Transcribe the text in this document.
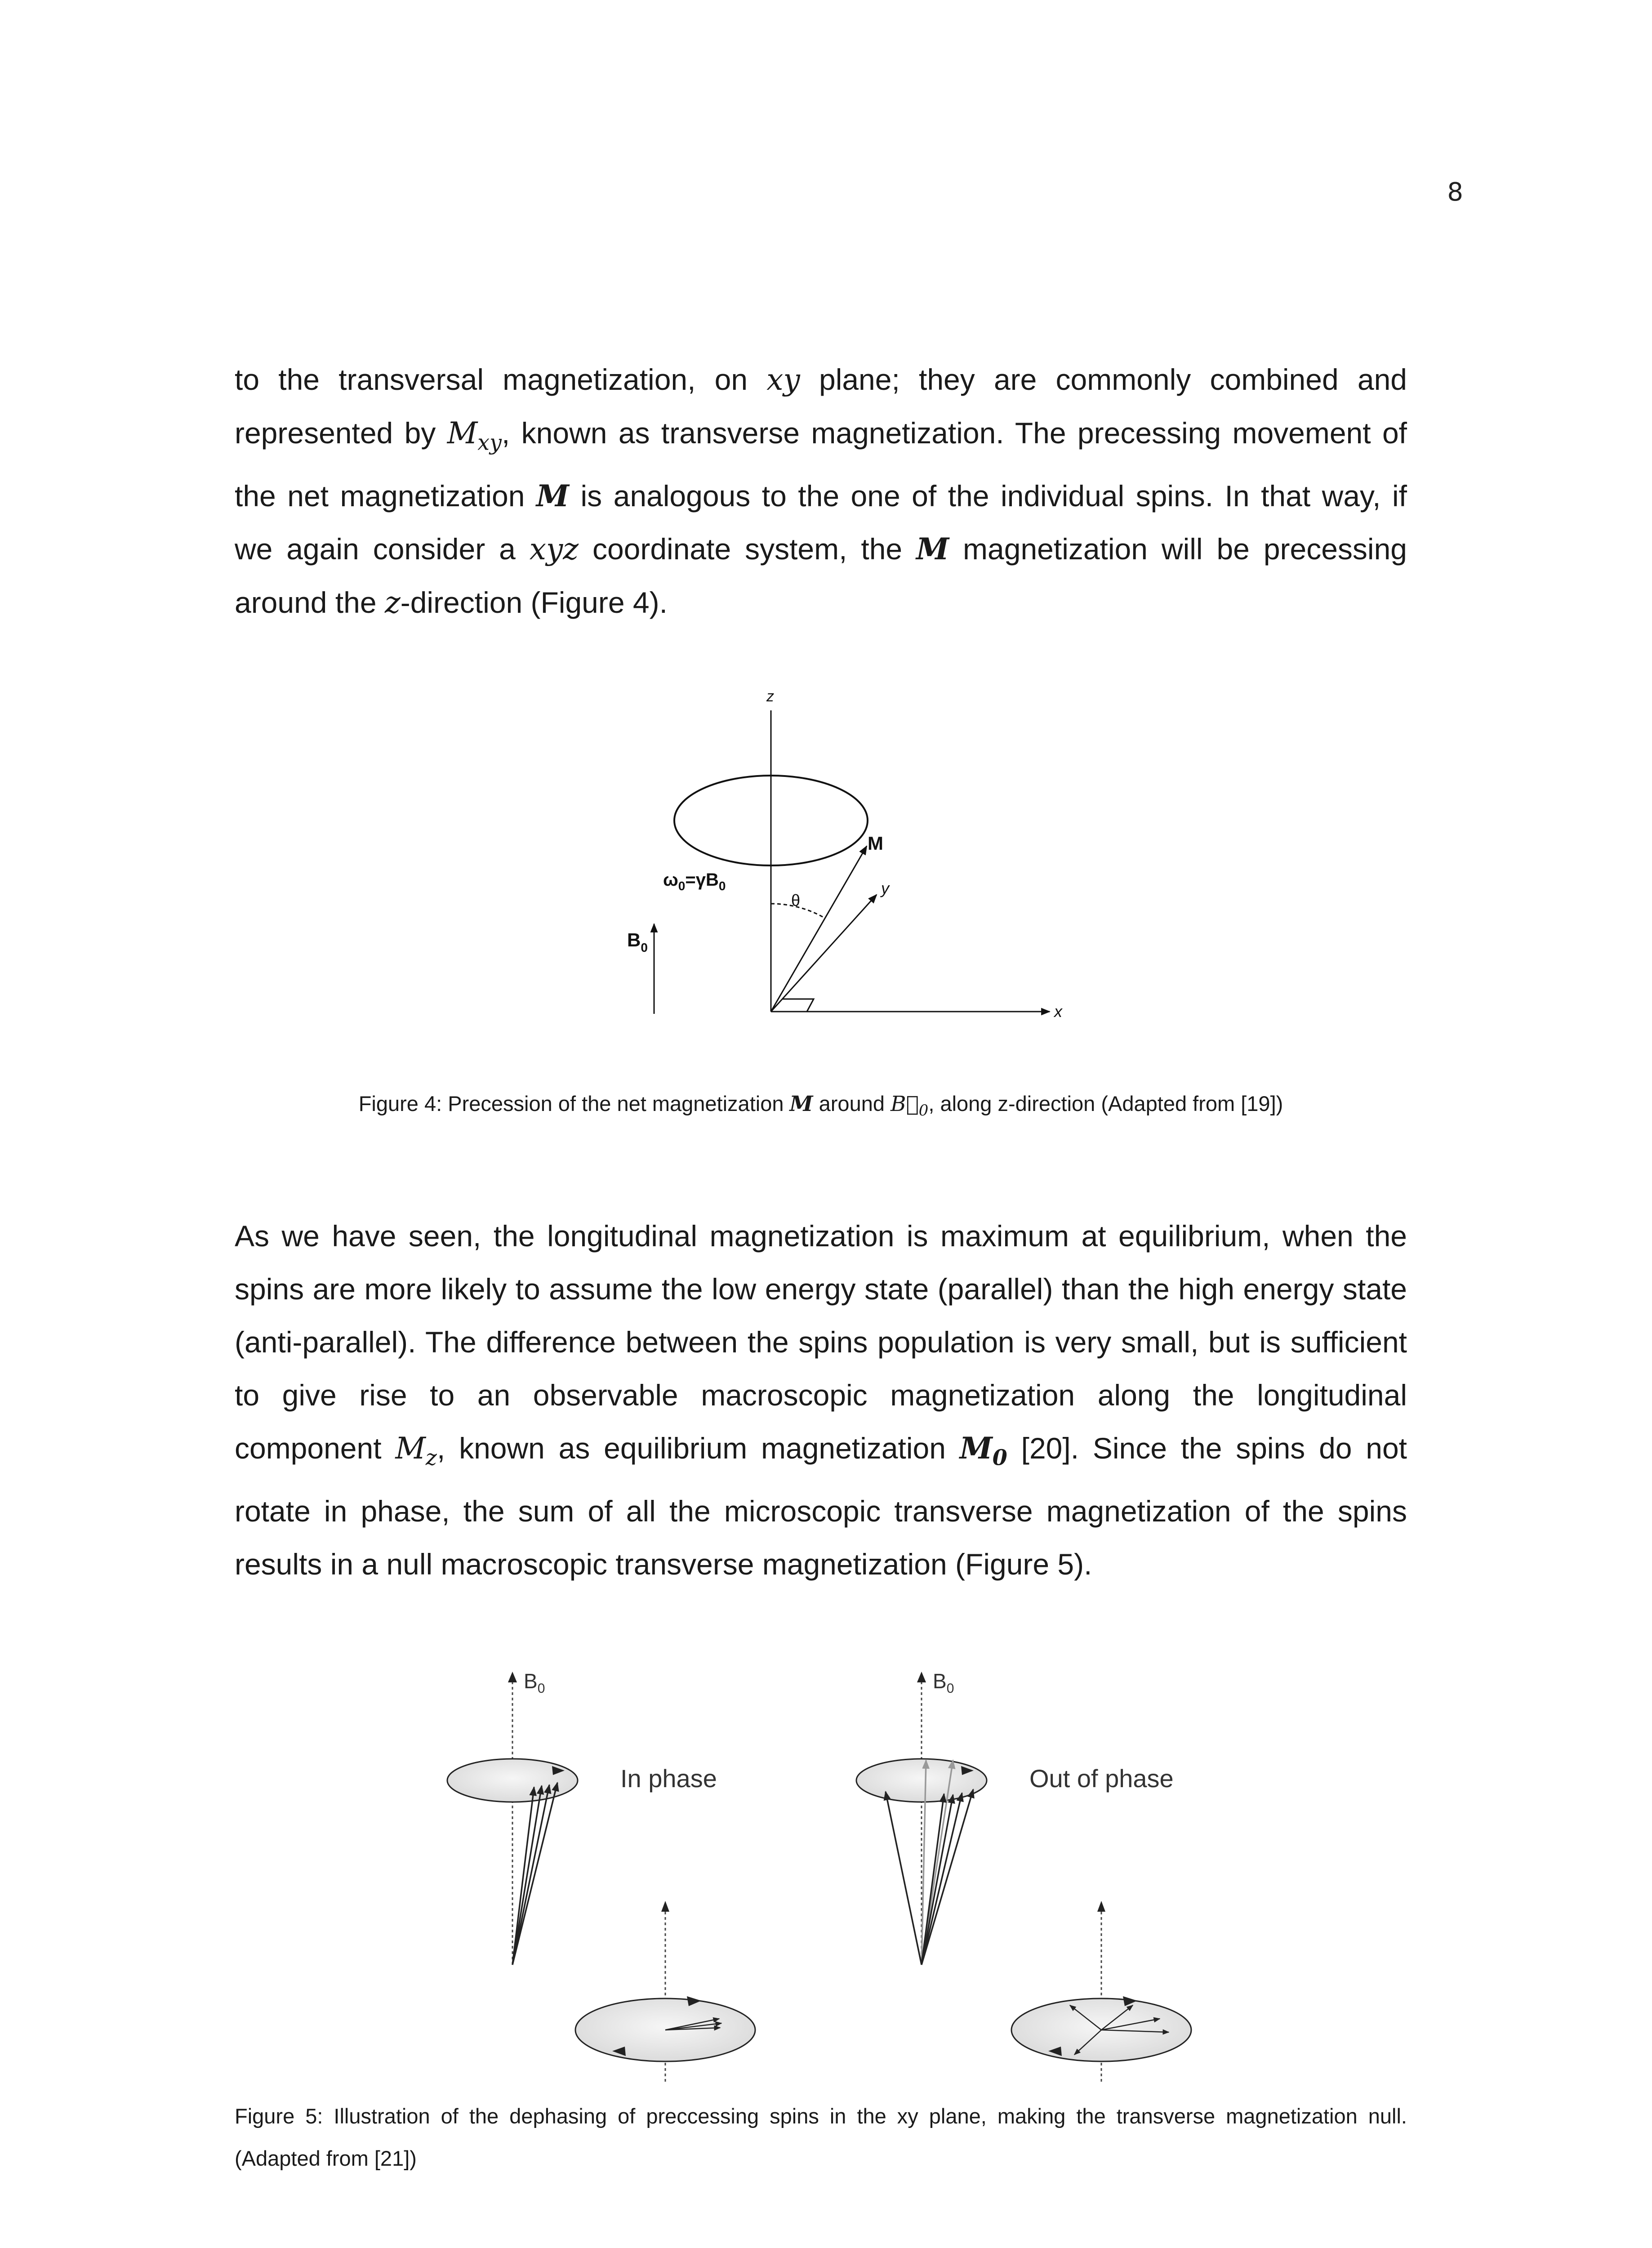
8

to the transversal magnetization, on xy plane; they are commonly combined and
represented by $M_{xy}$, known as transverse magnetization. The precessing movement of
the net magnetization M is analogous to the one of the individual spins. In that way, if
we again consider a xyz coordinate system, the M magnetization will be precessing
around the z-direction (Figure 4).

z
x
y
M
θ
$\omega_0=\gamma B_0$
$B_0$

Figure 4: Precession of the net magnetization M around $B⃗_0$, along z-direction (Adapted from [19])

As we have seen, the longitudinal magnetization is maximum at equilibrium, when the
spins are more likely to assume the low energy state (parallel) than the high energy state
(anti-parallel). The difference between the spins population is very small, but is sufficient
to give rise to an observable macroscopic magnetization along the longitudinal
component $M_z$, known as equilibrium magnetization $M_0$ [20]. Since the spins do not
rotate in phase, the sum of all the microscopic transverse magnetization of the spins
results in a null macroscopic transverse magnetization (Figure 5).

$B_0$
In phase
$B_0$
Out of phase

Figure 5: Illustration of the dephasing of preccessing spins in the xy plane, making the transverse magnetization null.
(Adapted from [21])
